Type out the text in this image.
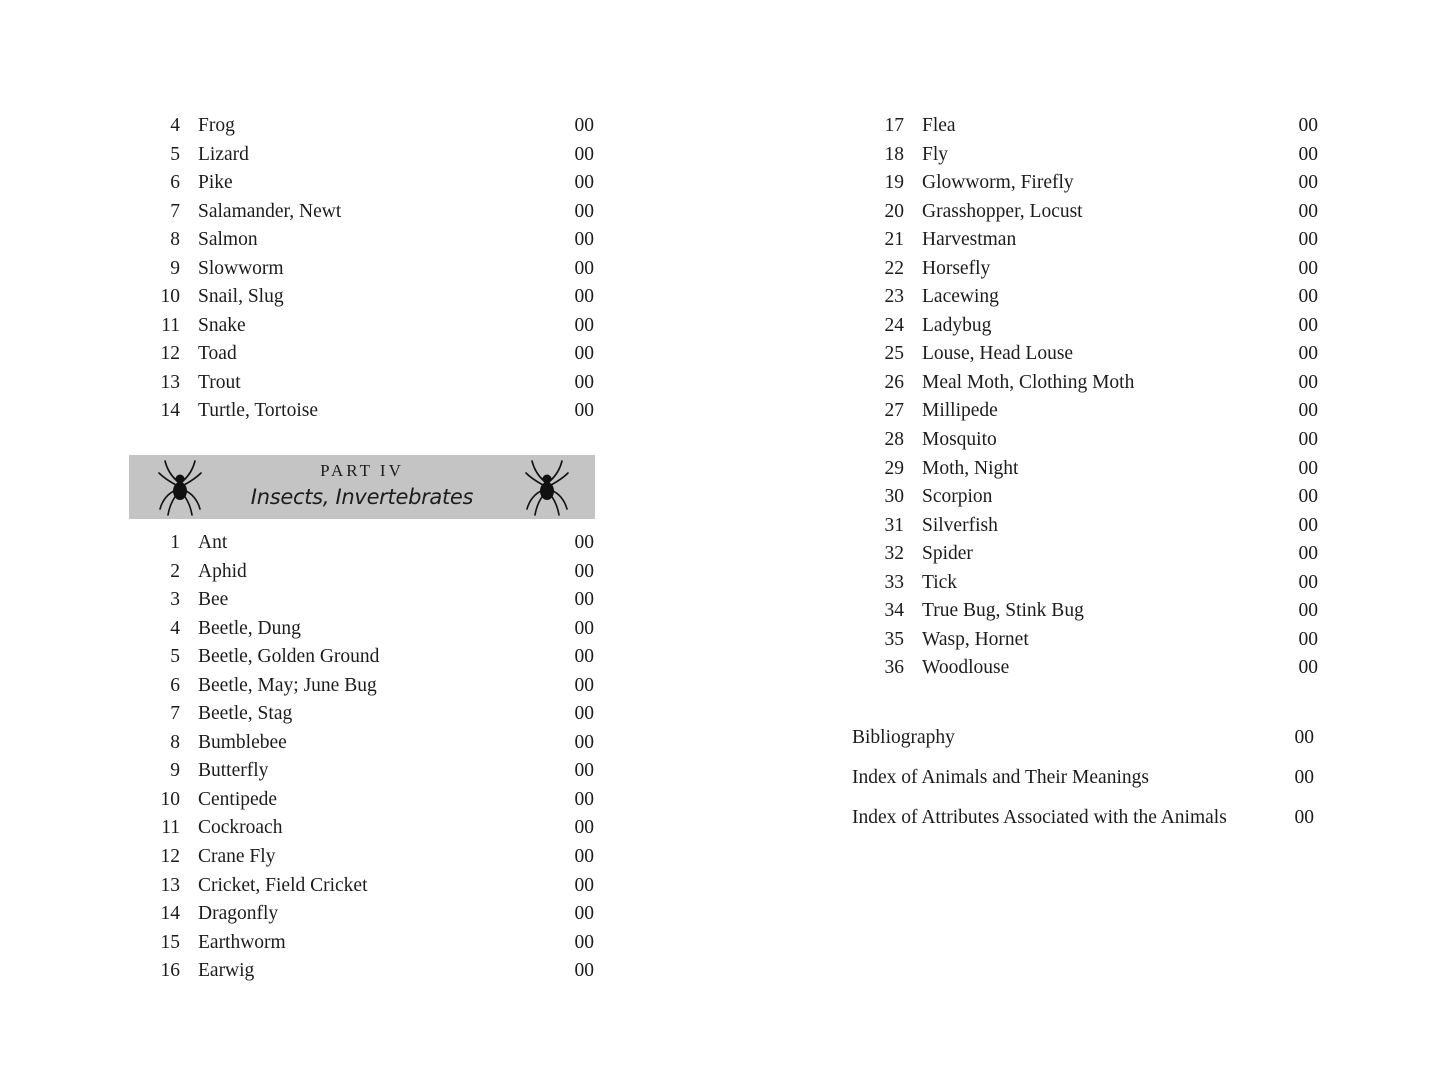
4 Frog	00
5 Lizard	00
6 Pike	00
7 Salamander, Newt	00
8 Salmon	00
9 Slowworm	00
10 Snail, Slug	00
11 Snake	00
12 Toad	00
13 Trout	00
14 Turtle, Tortoise	00
PART IV
Insects, Invertebrates
1 Ant	00
2 Aphid	00
3 Bee	00
4 Beetle, Dung	00
5 Beetle, Golden Ground	00
6 Beetle, May; June Bug	00
7 Beetle, Stag	00
8 Bumblebee	00
9 Butterfly	00
10 Centipede	00
11 Cockroach	00
12 Crane Fly	00
13 Cricket, Field Cricket	00
14 Dragonfly	00
15 Earthworm	00
16 Earwig	00
17 Flea	00
18 Fly	00
19 Glowworm, Firefly	00
20 Grasshopper, Locust	00
21 Harvestman	00
22 Horsefly	00
23 Lacewing	00
24 Ladybug	00
25 Louse, Head Louse	00
26 Meal Moth, Clothing Moth	00
27 Millipede	00
28 Mosquito	00
29 Moth, Night	00
30 Scorpion	00
31 Silverfish	00
32 Spider	00
33 Tick	00
34 True Bug, Stink Bug	00
35 Wasp, Hornet	00
36 Woodlouse	00
Bibliography	00
Index of Animals and Their Meanings	00
Index of Attributes Associated with the Animals	00
